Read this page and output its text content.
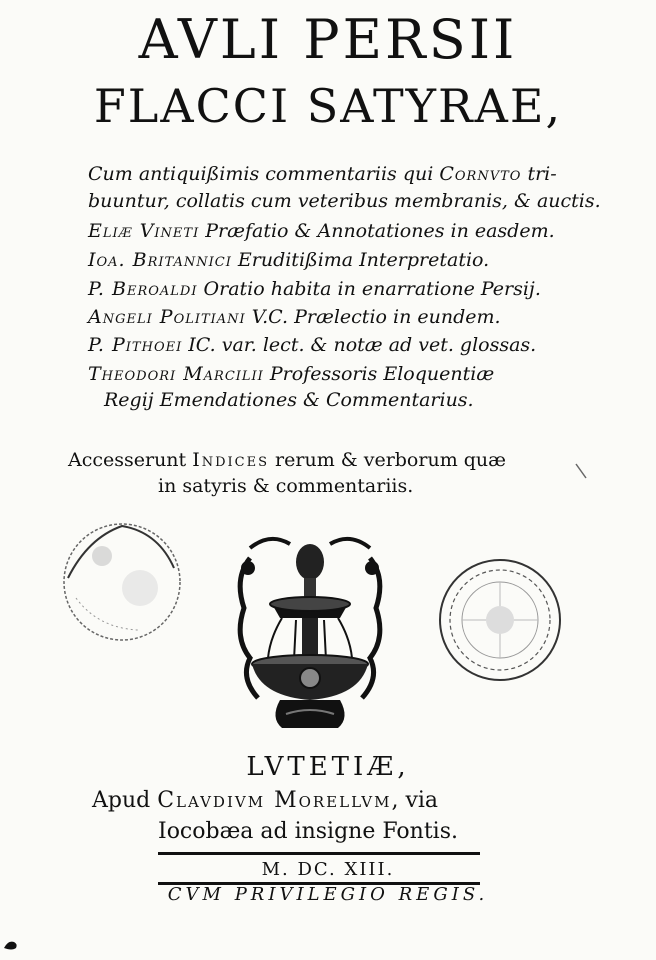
AVLI PERSII
FLACCI SATYRAE,
Cum antiquißimis commentariis qui Cornvto tri-
buuntur, collatis cum veteribus membranis, & auctis.
Eliæ Vineti Præfatio & Annotationes in easdem.
Ioa. Britannici Eruditißima Interpretatio.
P. Beroaldi Oratio habita in enarratione Persij.
Angeli Politiani V.C. Prælectio in eundem.
P. Pithoei IC. var. lect. & notæ ad vet. glossas.
Theodori Marcilii Professoris Eloquentiæ
Regij Emendationes & Commentarius.
Accesserunt Indices rerum & verborum quæ
in satyris & commentariis.
LVTETIÆ,
Apud Clavdivm Morellvm, via
Iocobæa ad insigne Fontis.
M. DC. XIII.
CVM PRIVILEGIO REGIS.
